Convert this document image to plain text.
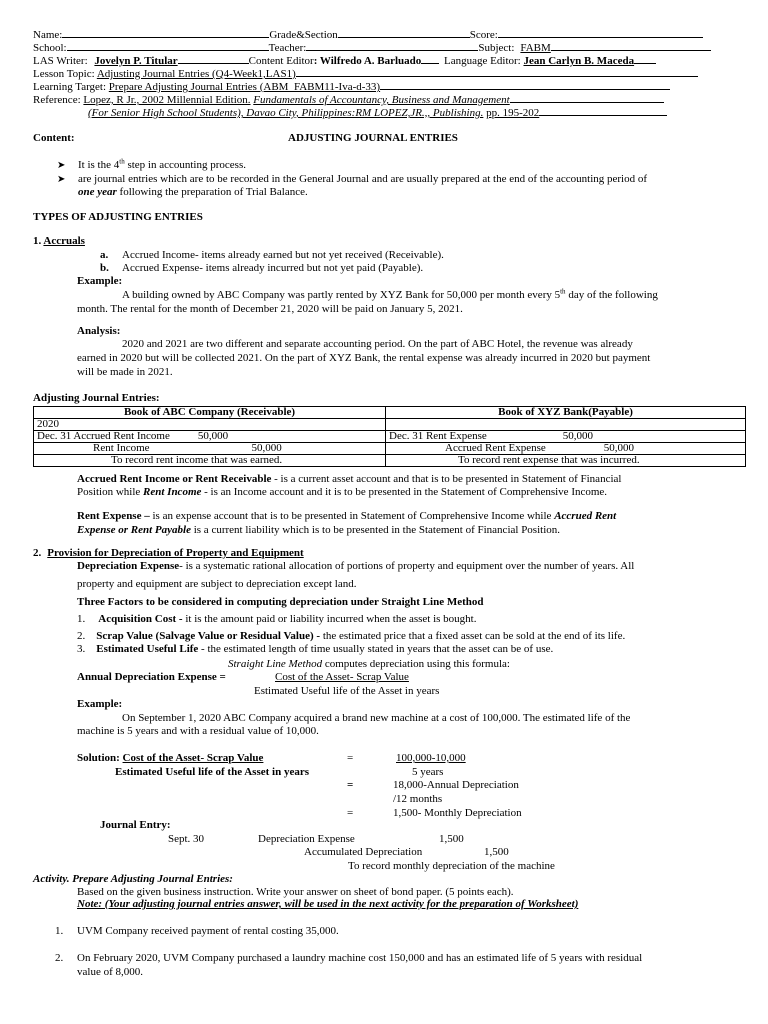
Name:	Grade&Section	Score:
School:	Teacher:	Subject: FABM
LAS Writer: Jovelyn P. Titular	Content Editor: Wilfredo A. Barluado Language Editor: Jean Carlyn B. Maceda
Lesson Topic: Adjusting Journal Entries (Q4-Week1,LAS1)
Learning Target: Prepare Adjusting Journal Entries (ABM_FABM11-Iva-d-33)
Reference: Lopez, R Jr., 2002 Millennial Edition. Fundamentals of Accountancy, Business and Management
(For Senior High School Students), Davao City, Philippines:RM LOPEZ,JR.,, Publishing. pp. 195-202
Content:	ADJUSTING JOURNAL ENTRIES
➤ It is the 4th step in accounting process.
➤ are journal entries which are to be recorded in the General Journal and are usually prepared at the end of the accounting period of
one year following the preparation of Trial Balance.
TYPES OF ADJUSTING ENTRIES
1. Accruals
a. Accrued Income- items already earned but not yet received (Receivable).
b. Accrued Expense- items already incurred but not yet paid (Payable).
Example:
A building owned by ABC Company was partly rented by XYZ Bank for 50,000 per month every 5th day of the following
month. The rental for the month of December 21, 2020 will be paid on January 5, 2021.
Analysis:
2020 and 2021 are two different and separate accounting period. On the part of ABC Hotel, the revenue was already
earned in 2020 but will be collected 2021. On the part of XYZ Bank, the rental expense was already incurred in 2020 but payment
will be made in 2021.
Adjusting Journal Entries:
Book of ABC Company (Receivable)	Book of XYZ Bank(Payable)
2020	
Dec. 31 Accrued Rent Income 50,000	Dec. 31 Rent Expense 50,000
Rent Income 50,000	Accrued Rent Expense 50,000
To record rent income that was earned.	To record rent expense that was incurred.
Accrued Rent Income or Rent Receivable - is a current asset account and that is to be presented in Statement of Financial
Position while Rent Income - is an Income account and it is to be presented in the Statement of Comprehensive Income.
Rent Expense – is an expense account that is to be presented in Statement of Comprehensive Income while Accrued Rent
Expense or Rent Payable is a current liability which is to be presented in the Statement of Financial Position.
2. Provision for Depreciation of Property and Equipment
Depreciation Expense- is a systematic rational allocation of portions of property and equipment over the number of years. All
property and equipment are subject to depreciation except land.
Three Factors to be considered in computing depreciation under Straight Line Method
1. Acquisition Cost - it is the amount paid or liability incurred when the asset is bought.
2. Scrap Value (Salvage Value or Residual Value) - the estimated price that a fixed asset can be sold at the end of its life.
3. Estimated Useful Life - the estimated length of time usually stated in years that the asset can be of use.
Straight Line Method computes depreciation using this formula:
Annual Depreciation Expense =	Cost of the Asset- Scrap Value
Estimated Useful life of the Asset in years
Example:
On September 1, 2020 ABC Company acquired a brand new machine at a cost of 100,000. The estimated life of the
machine is 5 years and with a residual value of 10,000.
Solution: Cost of the Asset- Scrap Value
Estimated Useful life of the Asset in years
=	100,000-10,000
5 years
=	18,000-Annual Depreciation
/12 months
=	1,500- Monthly Depreciation
Journal Entry:
Sept. 30	Depreciation Expense	1,500
Accumulated Depreciation	1,500
To record monthly depreciation of the machine
Activity. Prepare Adjusting Journal Entries:
Based on the given business instruction. Write your answer on sheet of bond paper. (5 points each).
Note: (Your adjusting journal entries answer, will be used in the next activity for the preparation of Worksheet)
1. UVM Company received payment of rental costing 35,000.
2. On February 2020, UVM Company purchased a laundry machine cost 150,000 and has an estimated life of 5 years with residual
value of 8,000.
